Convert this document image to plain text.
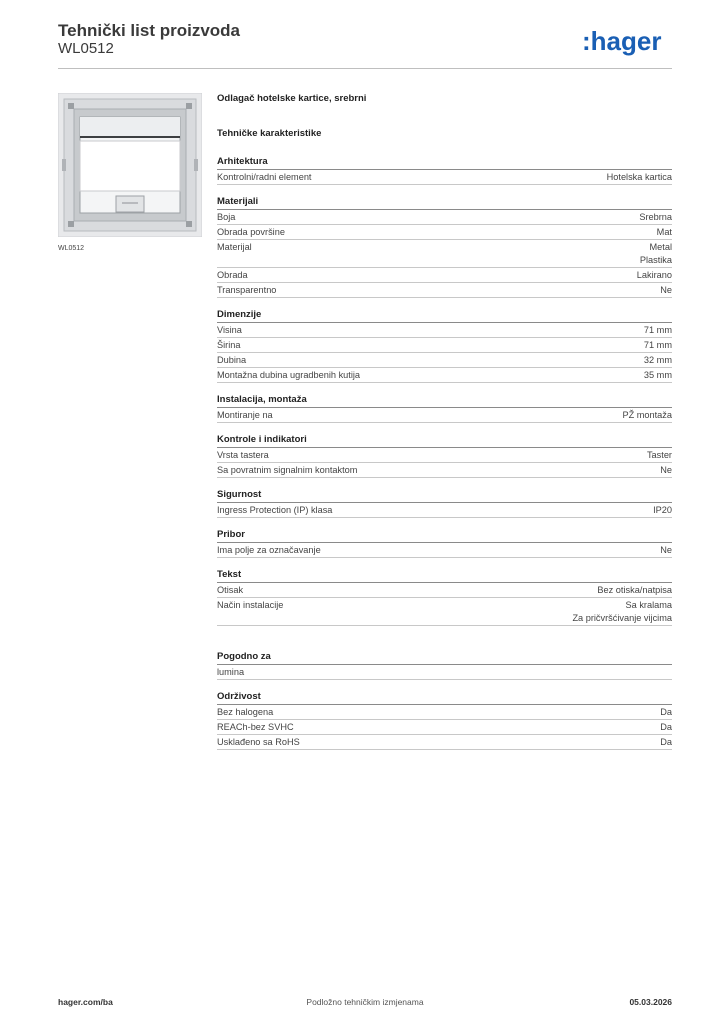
Tehnički list proizvoda
WL0512	:hager
WL0512
Odlagač hotelske kartice, srebrni
Tehničke karakteristike
Arhitektura
Kontrolni/radni element	Hotelska kartica
Materijali
Boja	Srebrna
Obrada površine	Mat
Materijal	Metal
Plastika
Obrada	Lakirano
Transparentno	Ne
Dimenzije
Visina	71 mm
Širina	71 mm
Dubina	32 mm
Montažna dubina ugradbenih kutija	35 mm
Instalacija, montaža
Montiranje na	PŽ montaža
Kontrole i indikatori
Vrsta tastera	Taster
Sa povratnim signalnim kontaktom	Ne
Sigurnost
Ingress Protection (IP) klasa	IP20
Pribor
Ima polje za označavanje	Ne
Tekst
Otisak	Bez otiska/natpisa
Način instalacije	Sa kralama
Za pričvršćivanje vijcima
Pogodno za
lumina
Održivost
Bez halogena	Da
REACh-bez SVHC	Da
Usklađeno sa RoHS	Da
hager.com/ba	Podložno tehničkim izmjenama	05.03.2026
